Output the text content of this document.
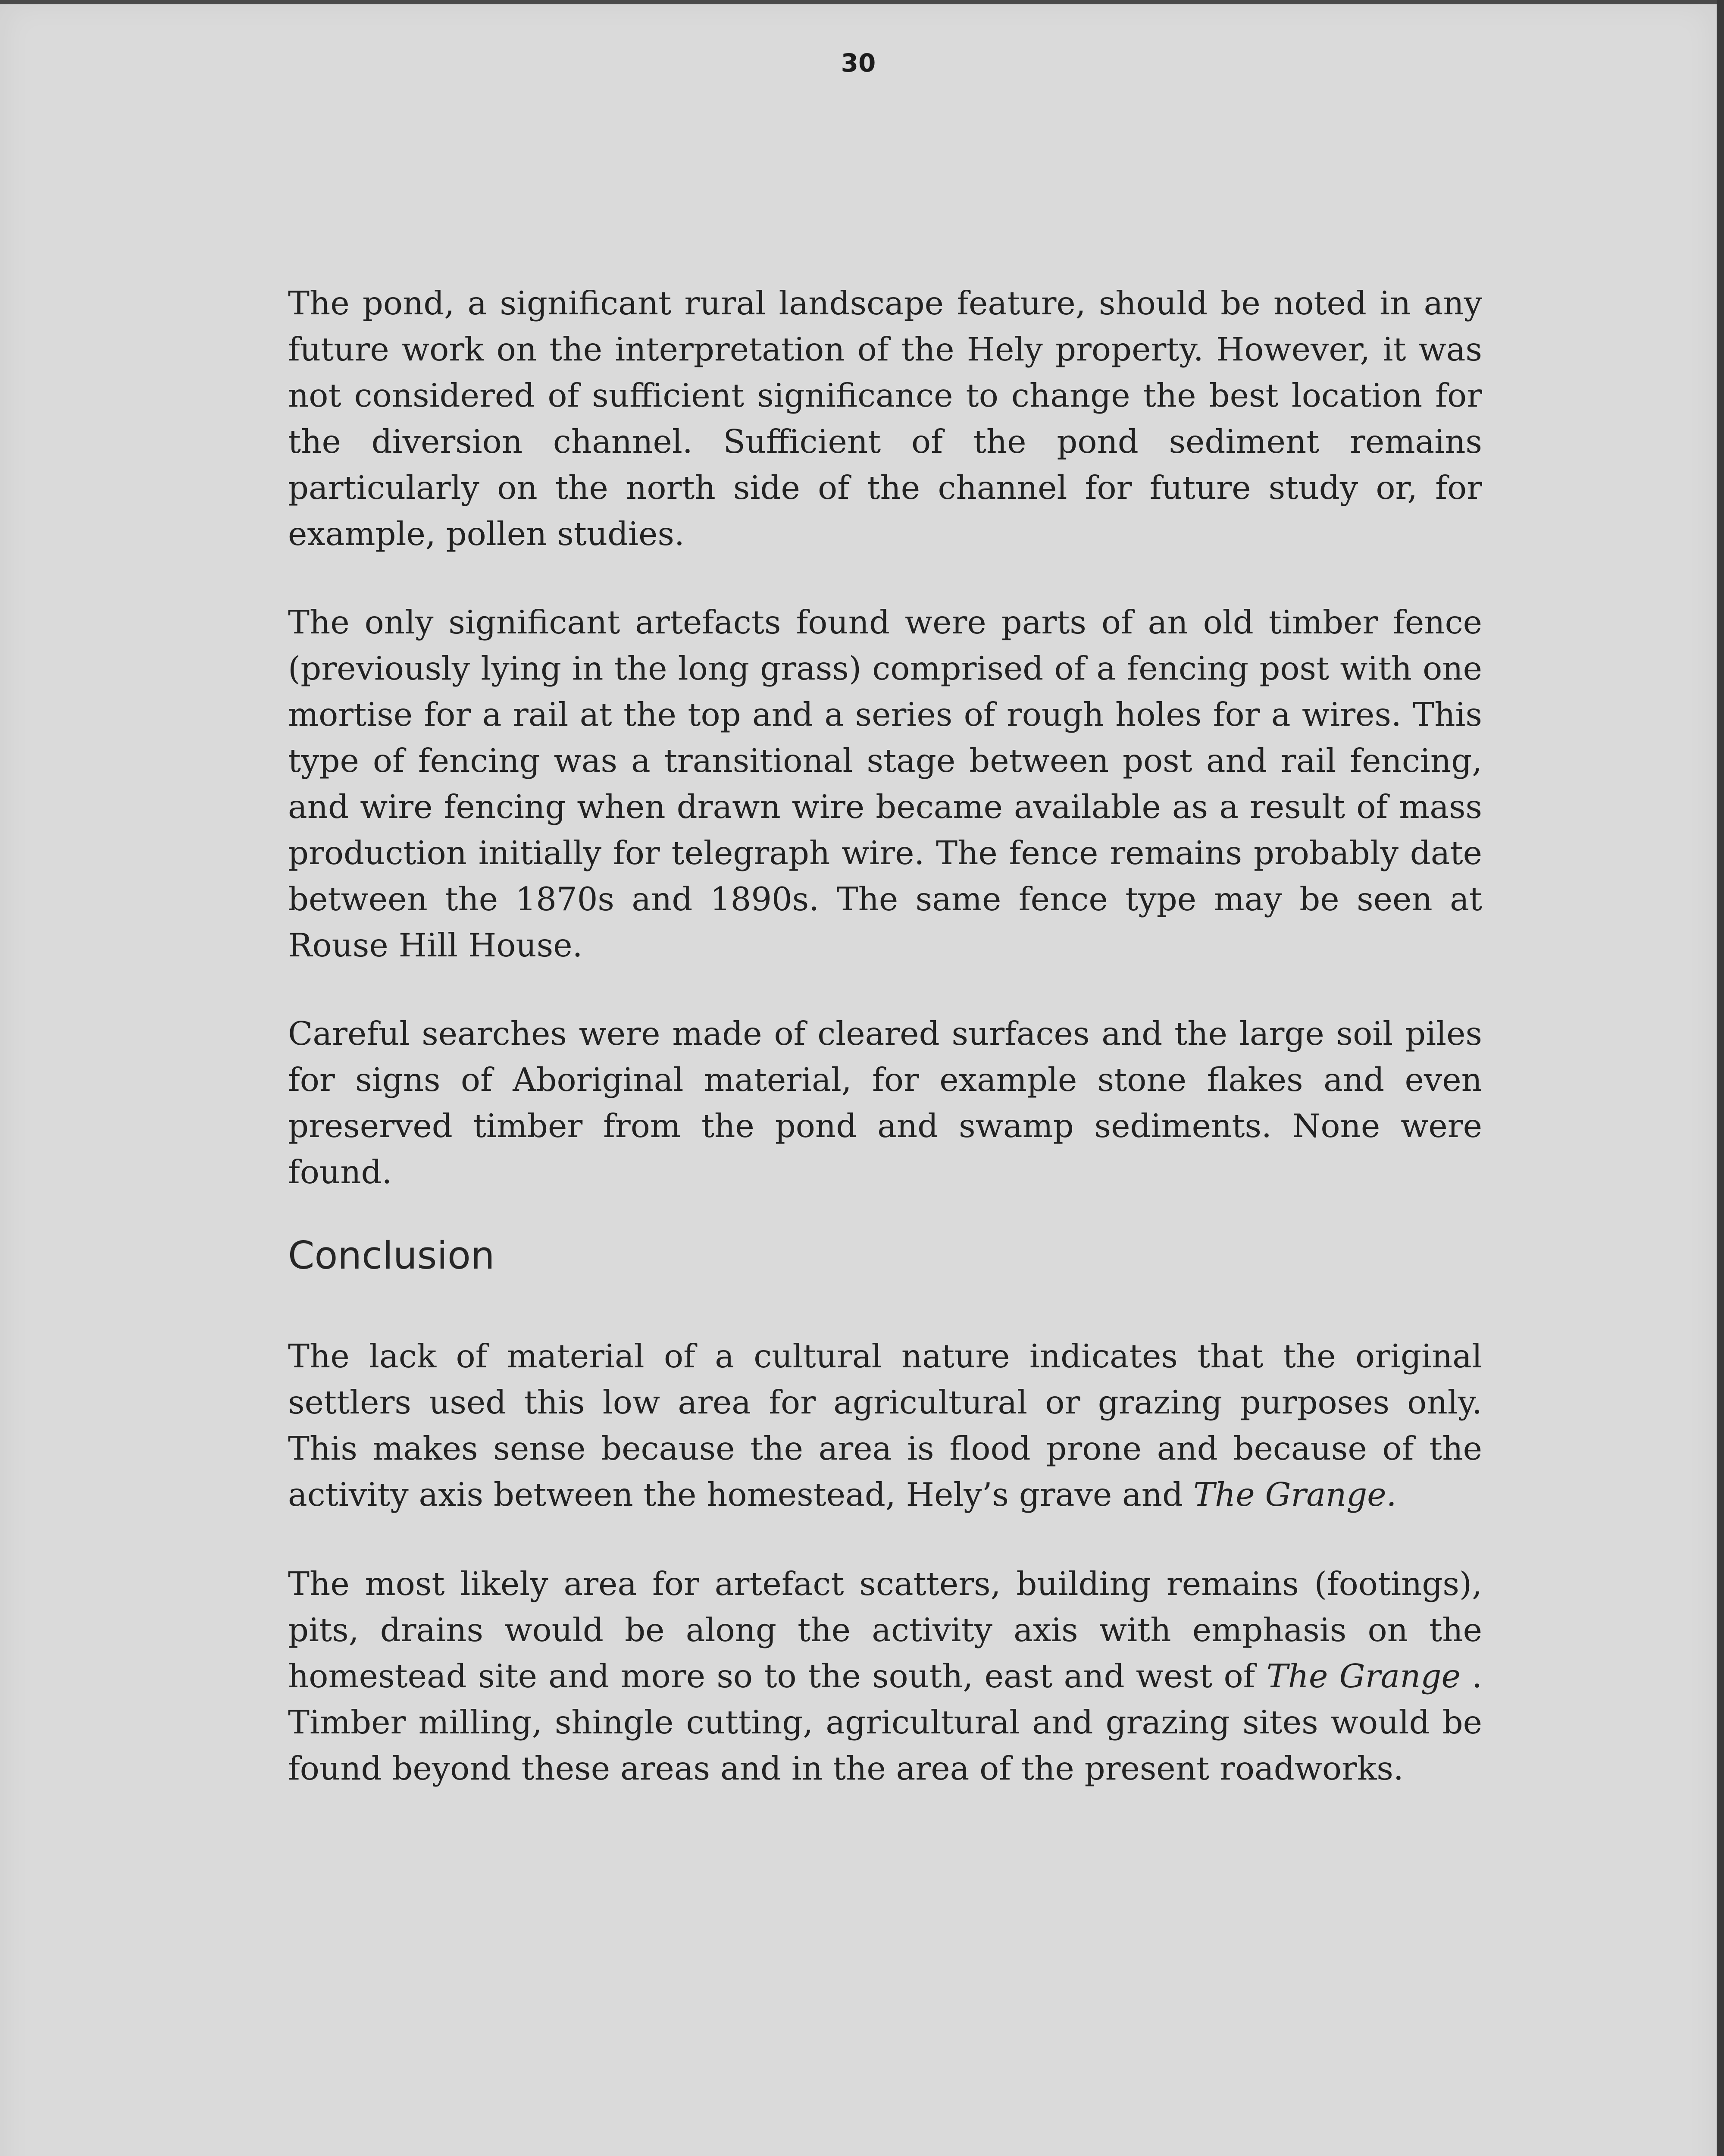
30

The pond, a significant rural landscape feature, should be noted in any future work on the interpretation of the Hely property. However, it was not considered of sufficient significance to change the best location for the diversion channel. Sufficient of the pond sediment remains particularly on the north side of the channel for future study or, for example, pollen studies.

The only significant artefacts found were parts of an old timber fence (previously lying in the long grass) comprised of a fencing post with one mortise for a rail at the top and a series of rough holes for a wires. This type of fencing was a transitional stage between post and rail fencing, and wire fencing when drawn wire became available as a result of mass production initially for telegraph wire. The fence remains probably date between the 1870s and 1890s. The same fence type may be seen at Rouse Hill House.

Careful searches were made of cleared surfaces and the large soil piles for signs of Aboriginal material, for example stone flakes and even preserved timber from the pond and swamp sediments. None were found.

Conclusion

The lack of material of a cultural nature indicates that the original settlers used this low area for agricultural or grazing purposes only. This makes sense because the area is flood prone and because of the activity axis between the homestead, Hely’s grave and The Grange.

The most likely area for artefact scatters, building remains (footings), pits, drains would be along the activity axis with emphasis on the homestead site and more so to the south, east and west of The Grange . Timber milling, shingle cutting, agricultural and grazing sites would be found beyond these areas and in the area of the present roadworks.
